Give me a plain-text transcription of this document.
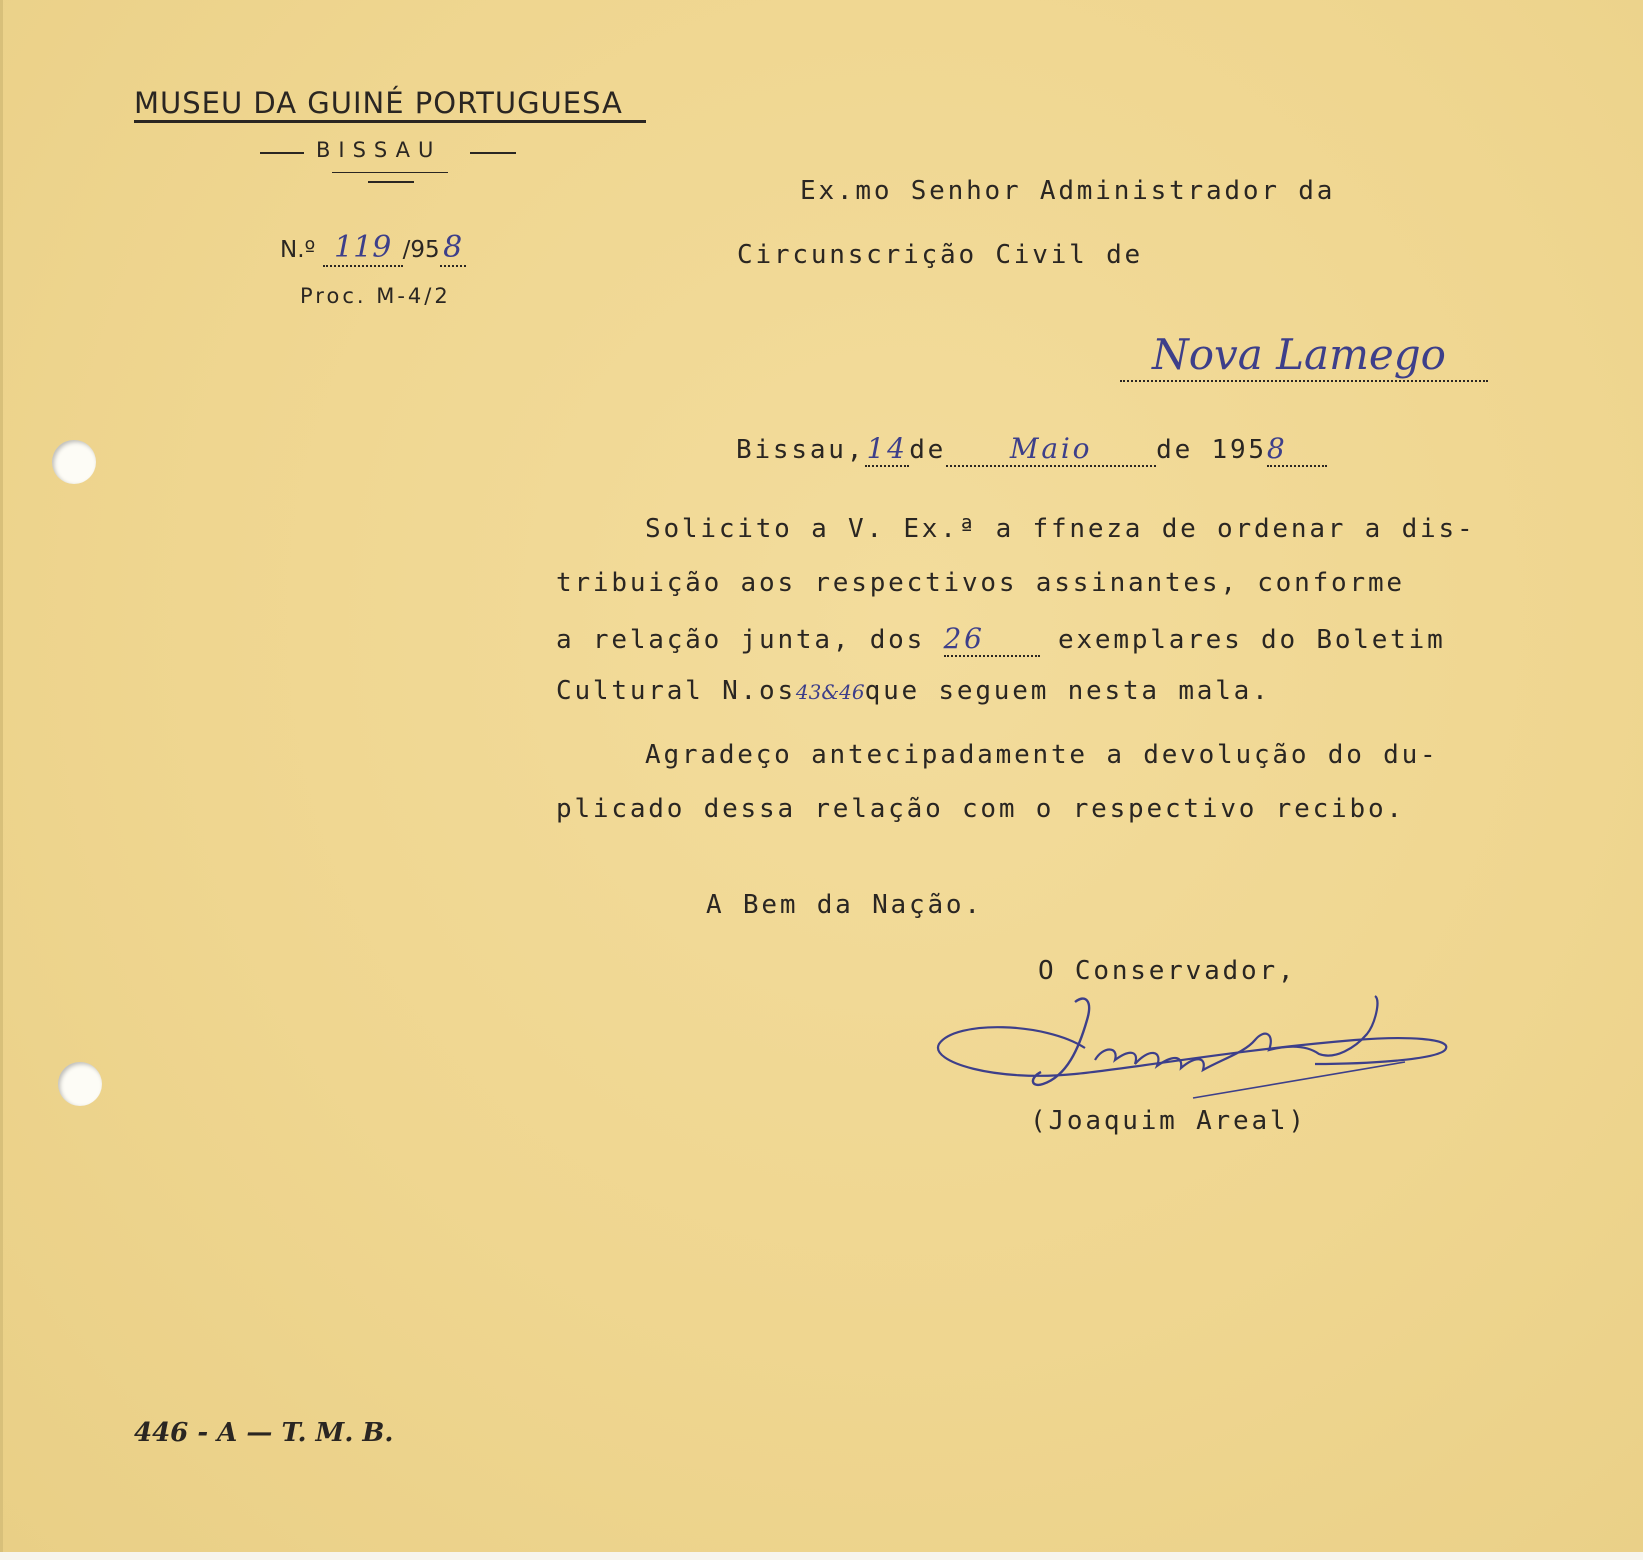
MUSEU DA GUINÉ PORTUGUESA
BISSAU
N.º 119 /95 8
Proc. M-4/2
Ex.mo Senhor Administrador da
Circunscrição Civil de
Nova Lamego
Bissau,14de Maio de 1958
Solicito a V. Ex.ª a ffneza de ordenar a dis-
tribuição aos respectivos assinantes, conforme
a relação junta, dos 26	exemplares do Boletim
Cultural N.os43&46que seguem nesta mala.
Agradeço antecipadamente a devolução do du-
plicado dessa relação com o respectivo recibo.
A Bem da Nação.
O Conservador,
(Joaquim Areal)
446 - A — T. M. B.
